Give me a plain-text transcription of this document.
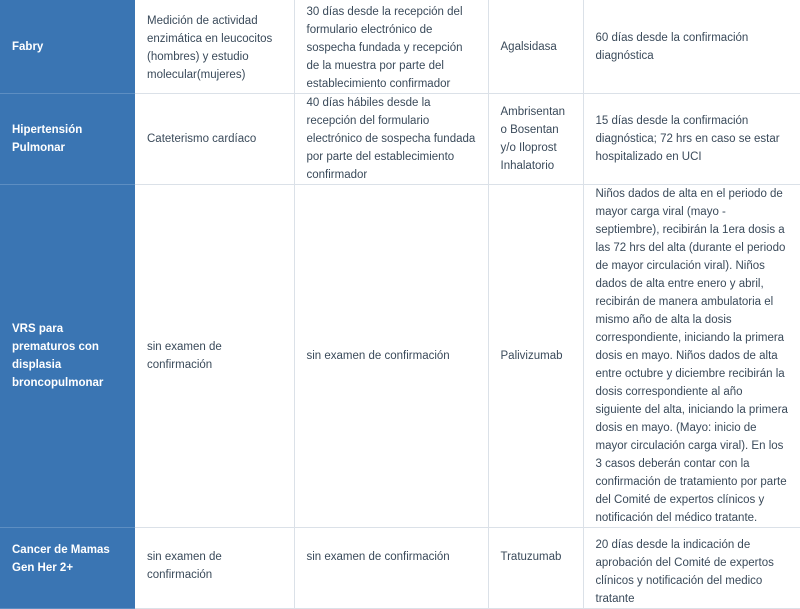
Fabry	Medición de actividad enzimática en leucocitos (hombres) y estudio molecular(mujeres)	30 días desde la recepción del formulario electrónico de sospecha fundada y recepción de la muestra por parte del establecimiento confirmador	Agalsidasa	60 días desde la confirmación diagnóstica
Hipertensión Pulmonar	Cateterismo cardíaco	40 días hábiles desde la recepción del formulario electrónico de sospecha fundada por parte del establecimiento confirmador	Ambrisentan o Bosentan y/o Iloprost Inhalatorio	15 días desde la confirmación diagnóstica; 72 hrs en caso se estar hospitalizado en UCI
VRS para prematuros con displasia broncopulmonar	sin examen de confirmación	sin examen de confirmación	Palivizumab	Niños dados de alta en el periodo de mayor carga viral (mayo - septiembre), recibirán la 1era dosis a las 72 hrs del alta (durante el periodo de mayor circulación viral). Niños dados de alta entre enero y abril, recibirán de manera ambulatoria el mismo año de alta la dosis correspondiente, iniciando la primera dosis en mayo. Niños dados de alta entre octubre y diciembre recibirán la dosis correspondiente al año siguiente del alta, iniciando la primera dosis en mayo. (Mayo: inicio de mayor circulación carga viral). En los 3 casos deberán contar con la confirmación de tratamiento por parte del Comité de expertos clínicos y notificación del médico tratante.
Cancer de Mamas Gen Her 2+	sin examen de confirmación	sin examen de confirmación	Tratuzumab	20 días desde la indicación de aprobación del Comité de expertos clínicos y notificación del medico tratante
